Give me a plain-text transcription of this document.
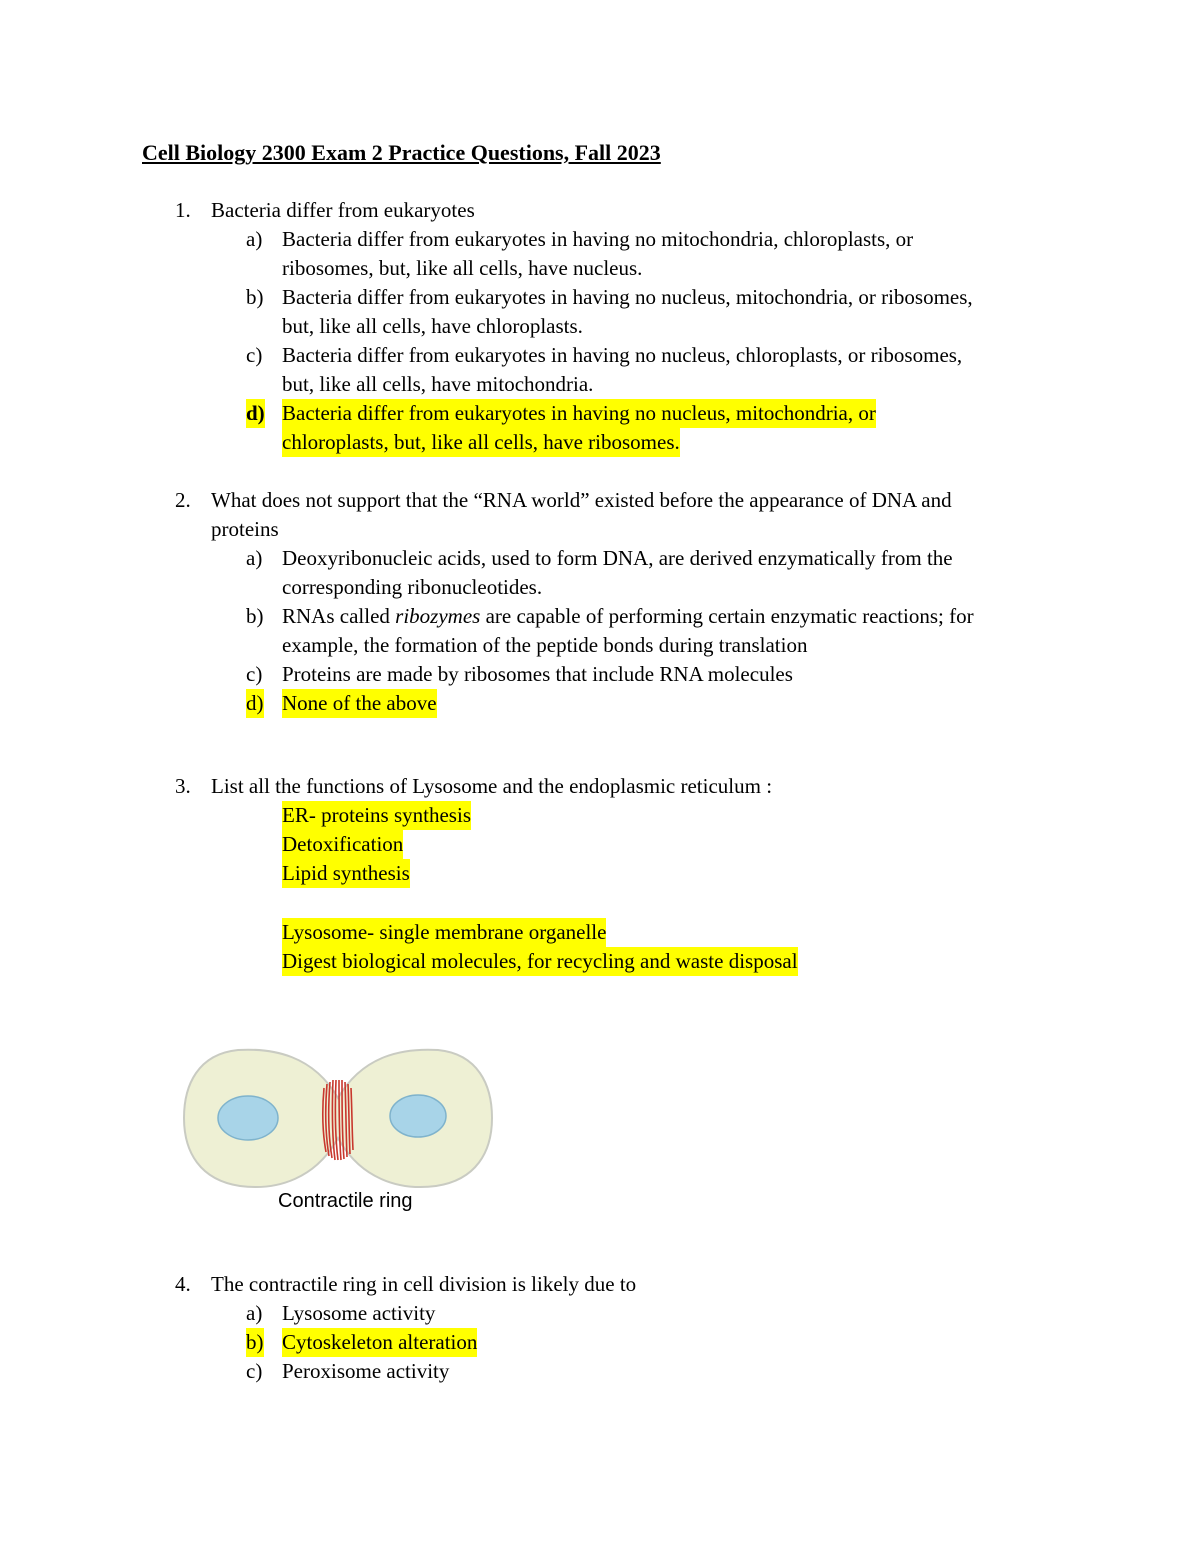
Cell Biology 2300 Exam 2 Practice Questions, Fall 2023
1. Bacteria differ from eukaryotes
a) Bacteria differ from eukaryotes in having no mitochondria, chloroplasts, or
ribosomes, but, like all cells, have nucleus.
b) Bacteria differ from eukaryotes in having no nucleus, mitochondria, or ribosomes,
but, like all cells, have chloroplasts.
c) Bacteria differ from eukaryotes in having no nucleus, chloroplasts, or ribosomes,
but, like all cells, have mitochondria.
d) Bacteria differ from eukaryotes in having no nucleus, mitochondria, or
chloroplasts, but, like all cells, have ribosomes.
2. What does not support that the “RNA world” existed before the appearance of DNA and
proteins
a) Deoxyribonucleic acids, used to form DNA, are derived enzymatically from the
corresponding ribonucleotides.
b) RNAs called ribozymes are capable of performing certain enzymatic reactions; for
example, the formation of the peptide bonds during translation
c) Proteins are made by ribosomes that include RNA molecules
d) None of the above
3. List all the functions of Lysosome and the endoplasmic reticulum :
ER- proteins synthesis
Detoxification
Lipid synthesis
Lysosome- single membrane organelle
Digest biological molecules, for recycling and waste disposal
Contractile ring
4. The contractile ring in cell division is likely due to
a) Lysosome activity
b) Cytoskeleton alteration
c) Peroxisome activity
